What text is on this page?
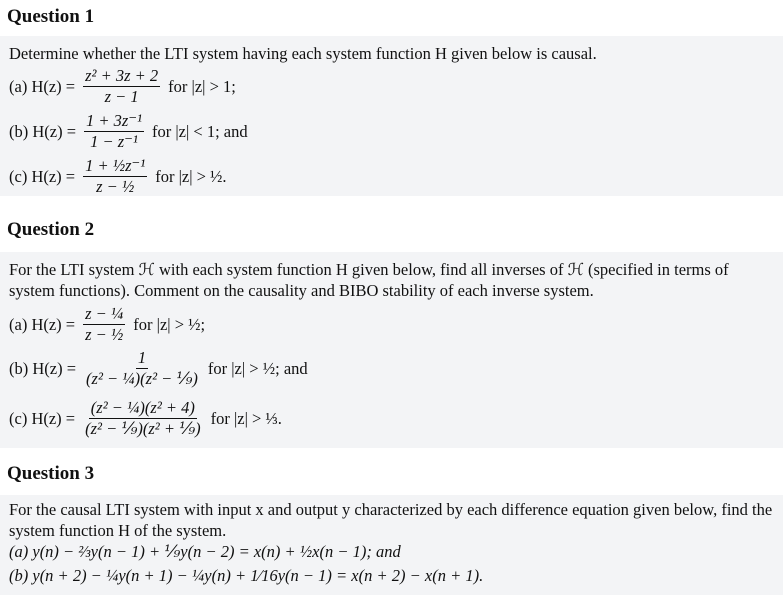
Question 1
Determine whether the LTI system having each system function H given below is causal.
(a) $H(z) = \frac{\text{z² + 3z + 2}}{z - 1}$ for |z| > 1;
(b) $H(z) = \frac{\text{1 + 3z⁻¹}}{\text{1 − z⁻¹}}$ for |z| < 1; and
(c) $H(z) = \frac{\text{1 + ½z⁻¹}}{\text{z − ½}}$ for |z| > ½.
Question 2
For the LTI system ℋ with each system function H given below, find all inverses of ℋ (specified in terms of system functions). Comment on the causality and BIBO stability of each inverse system.
(a) $H(z) = \frac{\text{z − ¼}}{\text{z − ½}}$ for |z| > ½;
(b) $H(z) = \frac{1}{\text{(z² − ¼)(z² − ⅑)}}$ for |z| > ½; and
(c) $H(z) = \frac{\text{(z² − ¼)(z² + 4)}}{\text{(z² − ⅑)(z² + ⅑)}}$ for |z| > ⅓.
Question 3
For the causal LTI system with input x and output y characterized by each difference equation given below, find the system function H of the system.
(a) y(n) − ⅔y(n − 1) + ⅑y(n − 2) = x(n) + ½x(n − 1); and
(b) y(n + 2) − ¼y(n + 1) − ¼y(n) + 1⁄16y(n − 1) = x(n + 2) − x(n + 1).
